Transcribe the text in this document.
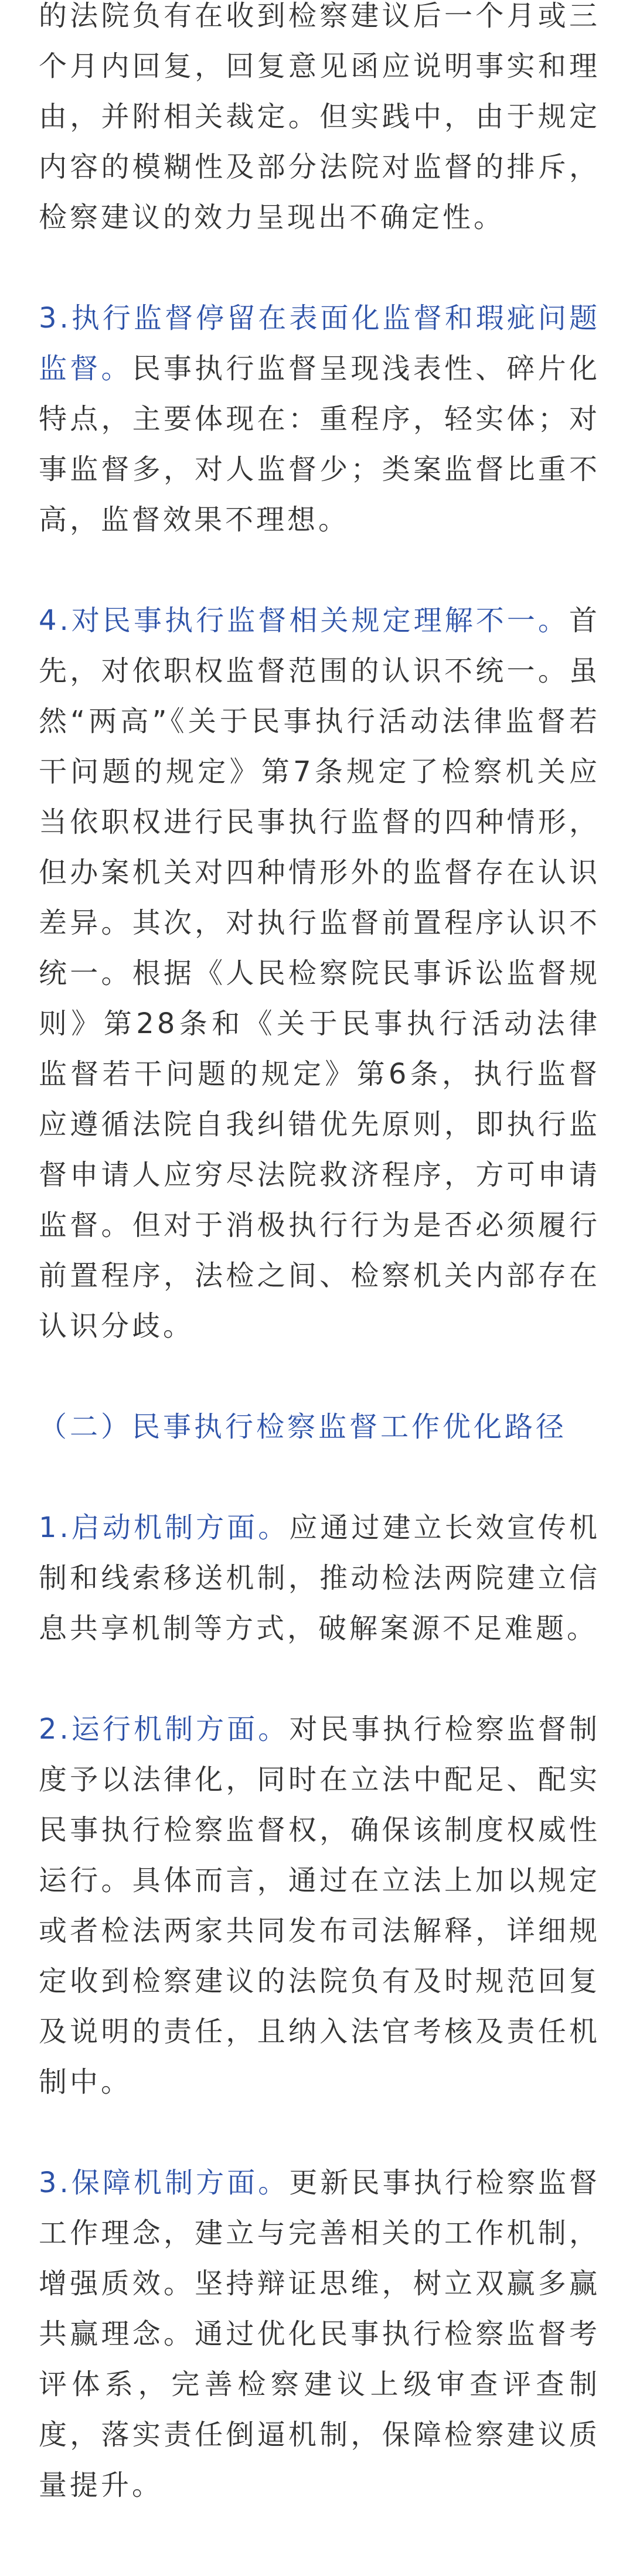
的法院负有在收到检察建议后一个月或三个月内回复，回复意见函应说明事实和理由，并附相关裁定。但实践中，由于规定内容的模糊性及部分法院对监督的排斥，检察建议的效力呈现出不确定性。

3.执行监督停留在表面化监督和瑕疵问题监督。民事执行监督呈现浅表性、碎片化特点，主要体现在：重程序，轻实体；对事监督多，对人监督少；类案监督比重不高，监督效果不理想。

4.对民事执行监督相关规定理解不一。首先，对依职权监督范围的认识不统一。虽然“两高”《关于民事执行活动法律监督若干问题的规定》第7条规定了检察机关应当依职权进行民事执行监督的四种情形，但办案机关对四种情形外的监督存在认识差异。其次，对执行监督前置程序认识不统一。根据《人民检察院民事诉讼监督规则》第28条和《关于民事执行活动法律监督若干问题的规定》第6条，执行监督应遵循法院自我纠错优先原则，即执行监督申请人应穷尽法院救济程序，方可申请监督。但对于消极执行行为是否必须履行前置程序，法检之间、检察机关内部存在认识分歧。

（二）民事执行检察监督工作优化路径

1.启动机制方面。应通过建立长效宣传机制和线索移送机制，推动检法两院建立信息共享机制等方式，破解案源不足难题。

2.运行机制方面。对民事执行检察监督制度予以法律化，同时在立法中配足、配实民事执行检察监督权，确保该制度权威性运行。具体而言，通过在立法上加以规定或者检法两家共同发布司法解释，详细规定收到检察建议的法院负有及时规范回复及说明的责任，且纳入法官考核及责任机制中。

3.保障机制方面。更新民事执行检察监督工作理念，建立与完善相关的工作机制，增强质效。坚持辩证思维，树立双赢多赢共赢理念。通过优化民事执行检察监督考评体系，完善检察建议上级审查评查制度，落实责任倒逼机制，保障检察建议质量提升。
